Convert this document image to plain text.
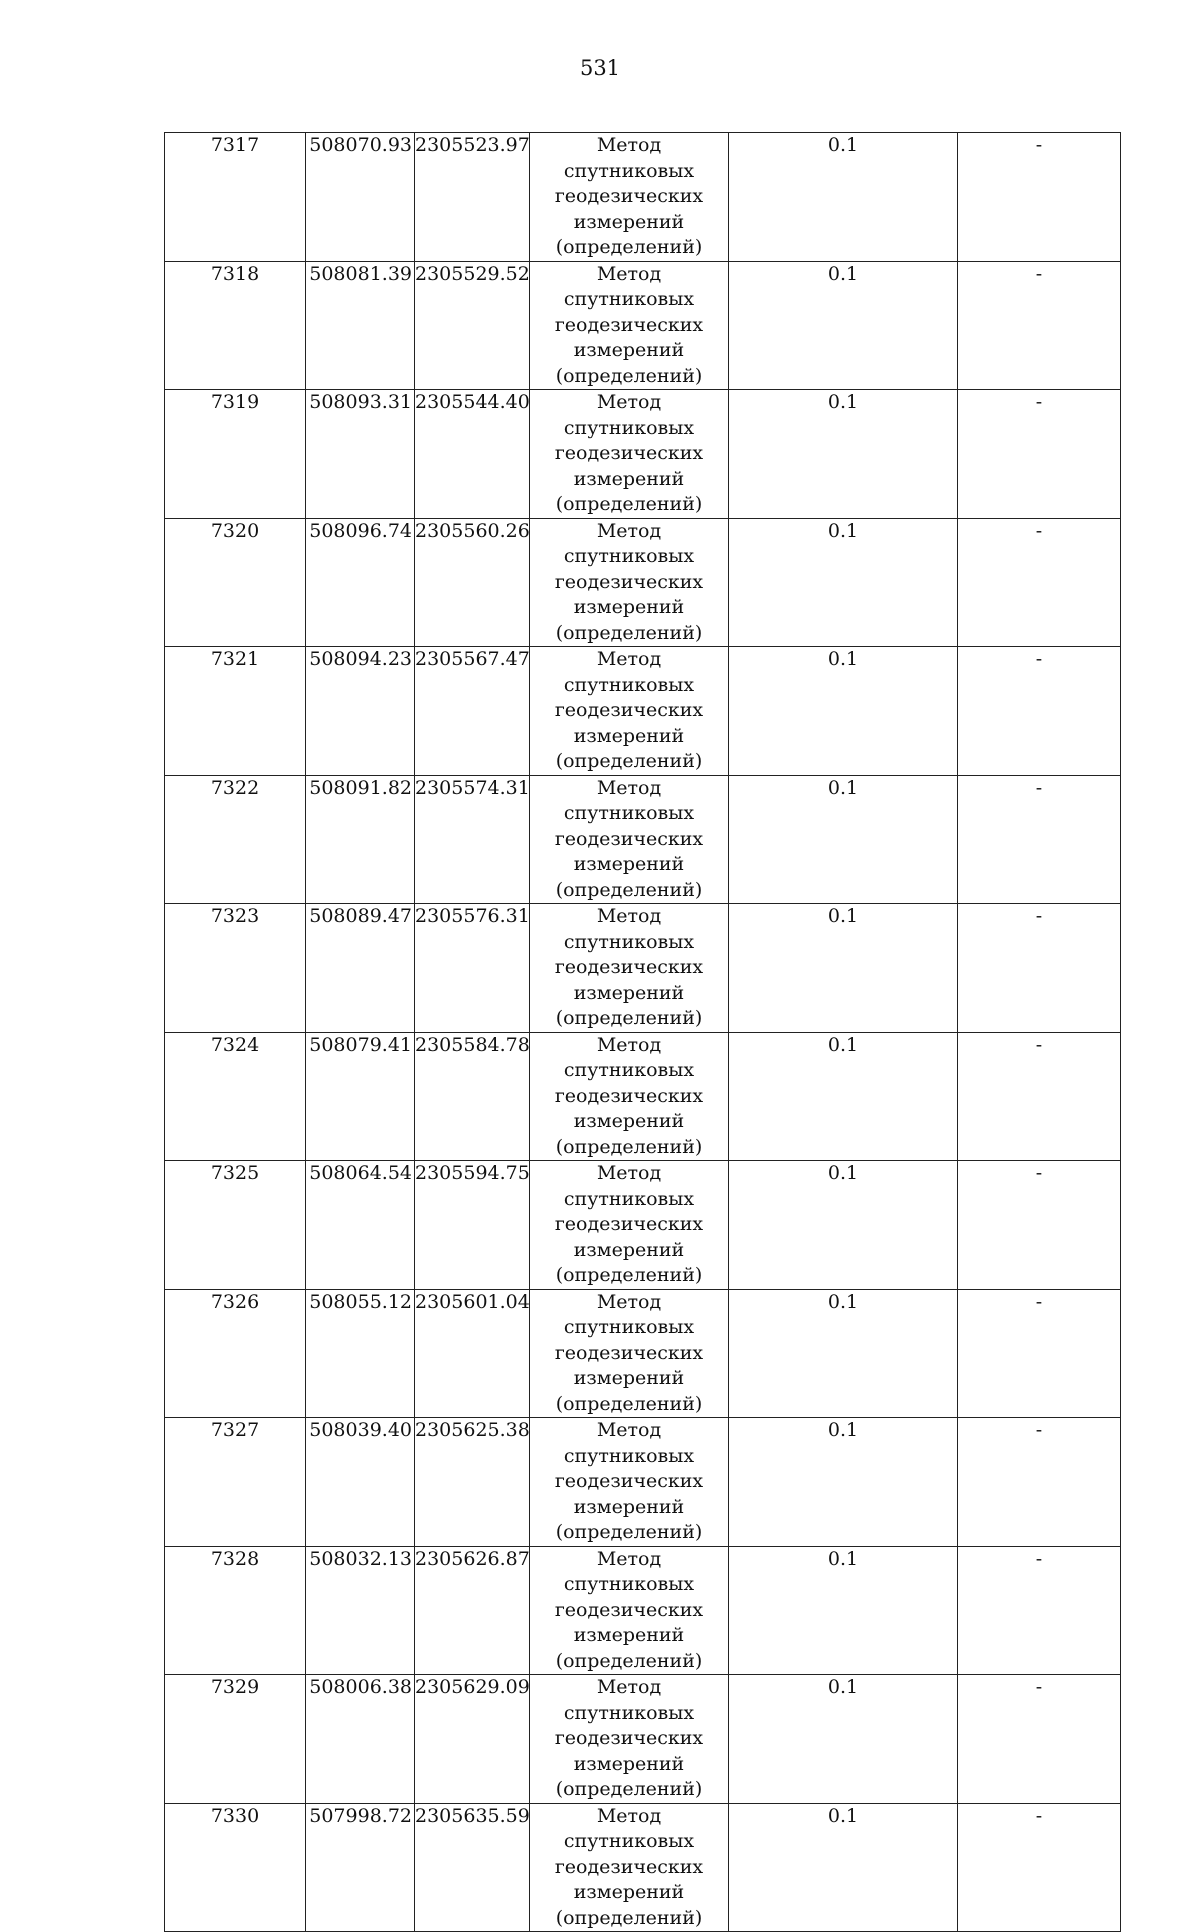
531
7317	508070.93	2305523.97	Метод спутниковых геодезических измерений (определений)	0.1	-
7318	508081.39	2305529.52	Метод спутниковых геодезических измерений (определений)	0.1	-
7319	508093.31	2305544.40	Метод спутниковых геодезических измерений (определений)	0.1	-
7320	508096.74	2305560.26	Метод спутниковых геодезических измерений (определений)	0.1	-
7321	508094.23	2305567.47	Метод спутниковых геодезических измерений (определений)	0.1	-
7322	508091.82	2305574.31	Метод спутниковых геодезических измерений (определений)	0.1	-
7323	508089.47	2305576.31	Метод спутниковых геодезических измерений (определений)	0.1	-
7324	508079.41	2305584.78	Метод спутниковых геодезических измерений (определений)	0.1	-
7325	508064.54	2305594.75	Метод спутниковых геодезических измерений (определений)	0.1	-
7326	508055.12	2305601.04	Метод спутниковых геодезических измерений (определений)	0.1	-
7327	508039.40	2305625.38	Метод спутниковых геодезических измерений (определений)	0.1	-
7328	508032.13	2305626.87	Метод спутниковых геодезических измерений (определений)	0.1	-
7329	508006.38	2305629.09	Метод спутниковых геодезических измерений (определений)	0.1	-
7330	507998.72	2305635.59	Метод спутниковых геодезических измерений (определений)	0.1	-
